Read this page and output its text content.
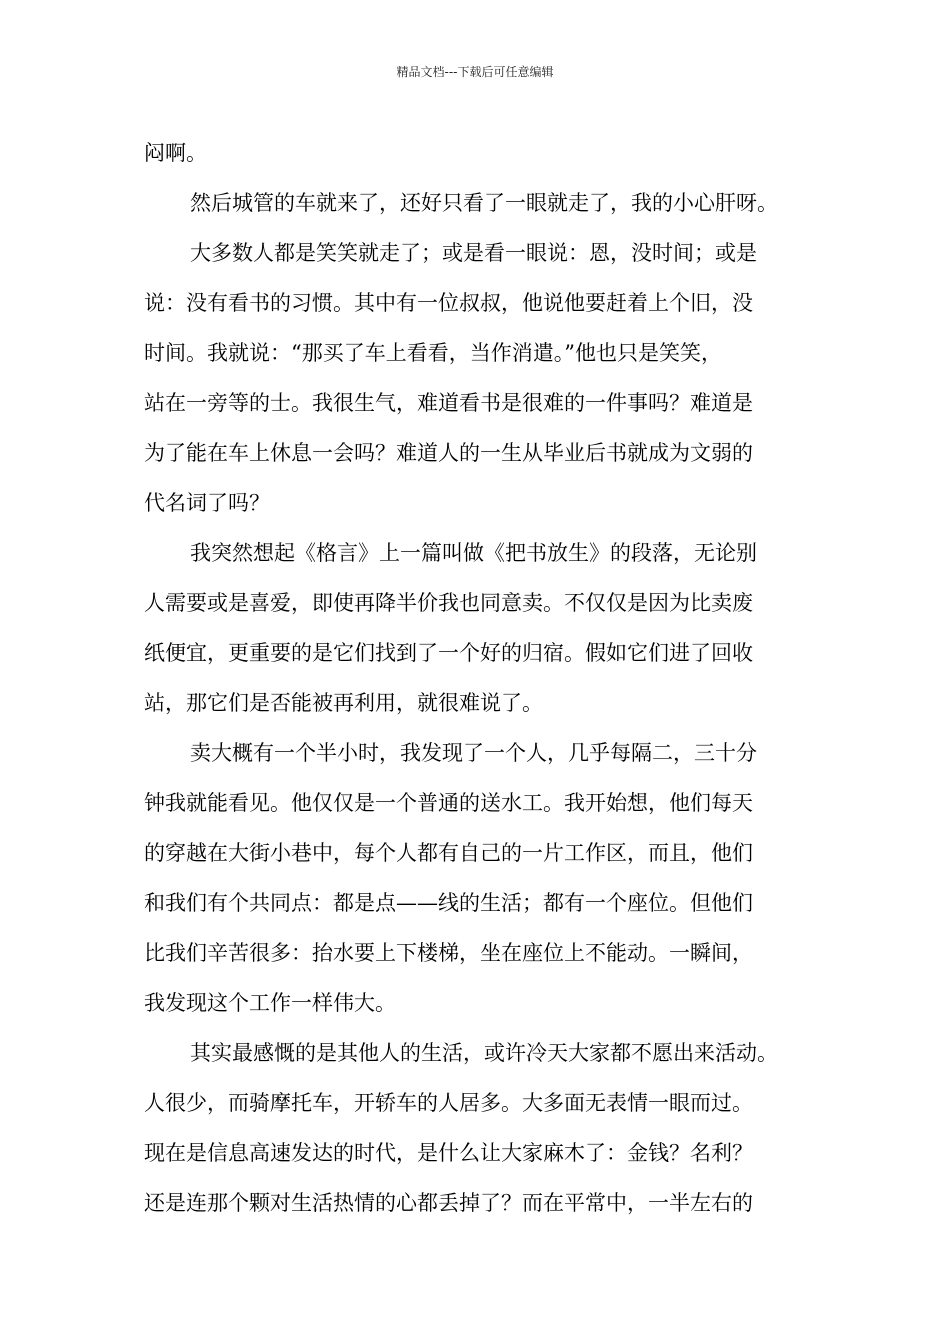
精品文档---下载后可任意编辑
闷啊。
然后城管的车就来了，还好只看了一眼就走了，我的小心肝呀。
大多数人都是笑笑就走了；或是看一眼说：恩，没时间；或是
说：没有看书的习惯。其中有一位叔叔，他说他要赶着上个旧，没
时间。我就说：“那买了车上看看，当作消遣。”他也只是笑笑，
站在一旁等的士。我很生气，难道看书是很难的一件事吗？难道是
为了能在车上休息一会吗？难道人的一生从毕业后书就成为文弱的
代名词了吗？
我突然想起《格言》上一篇叫做《把书放生》的段落，无论别
人需要或是喜爱，即使再降半价我也同意卖。不仅仅是因为比卖废
纸便宜，更重要的是它们找到了一个好的归宿。假如它们进了回收
站，那它们是否能被再利用，就很难说了。
卖大概有一个半小时，我发现了一个人，几乎每隔二，三十分
钟我就能看见。他仅仅是一个普通的送水工。我开始想，他们每天
的穿越在大街小巷中，每个人都有自己的一片工作区，而且，他们
和我们有个共同点：都是点——线的生活；都有一个座位。但他们
比我们辛苦很多：抬水要上下楼梯，坐在座位上不能动。一瞬间，
我发现这个工作一样伟大。
其实最感慨的是其他人的生活，或许冷天大家都不愿出来活动。
人很少，而骑摩托车，开轿车的人居多。大多面无表情一眼而过。
现在是信息高速发达的时代，是什么让大家麻木了：金钱？名利？
还是连那个颗对生活热情的心都丢掉了？而在平常中，一半左右的
